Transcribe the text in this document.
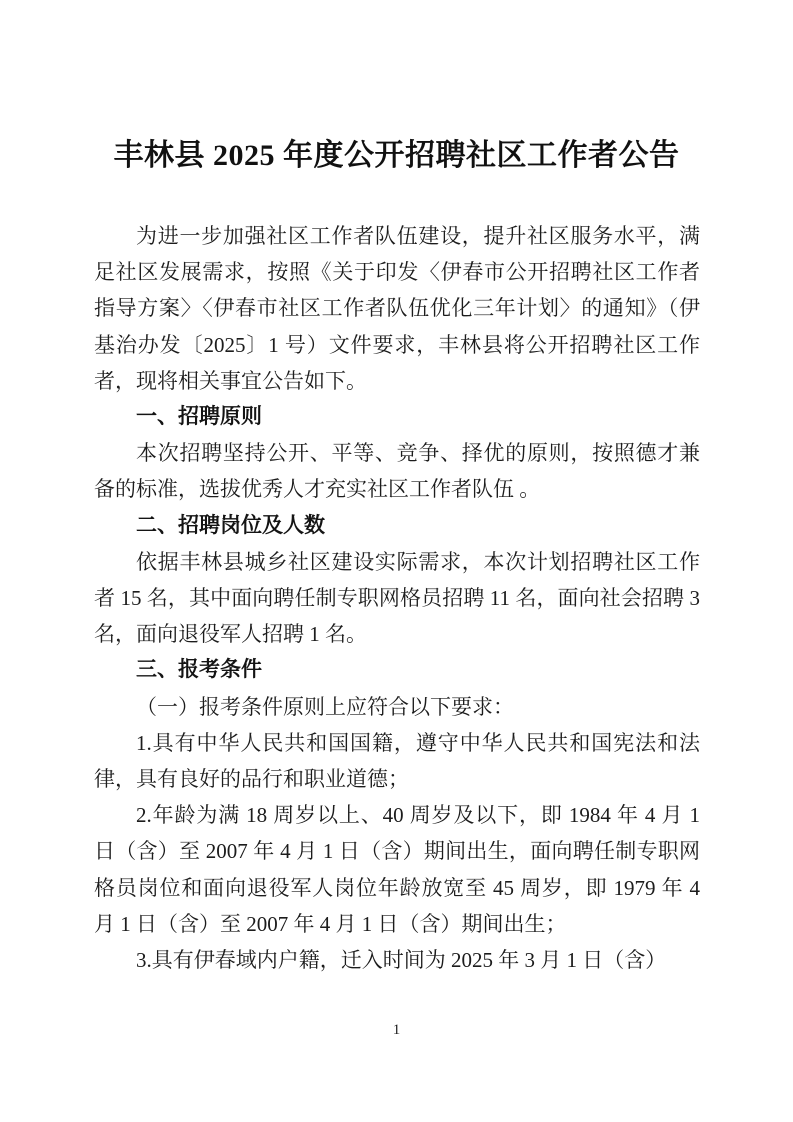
丰林县 2025 年度公开招聘社区工作者公告

为进一步加强社区工作者队伍建设，提升社区服务水平，满足社区发展需求，按照《关于印发〈伊春市公开招聘社区工作者指导方案〉〈伊春市社区工作者队伍优化三年计划〉的通知》（伊基治办发〔2025〕1 号）文件要求，丰林县将公开招聘社区工作者，现将相关事宜公告如下。

一、招聘原则

本次招聘坚持公开、平等、竞争、择优的原则，按照德才兼备的标准，选拔优秀人才充实社区工作者队伍 。

二、招聘岗位及人数

依据丰林县城乡社区建设实际需求，本次计划招聘社区工作者 15 名，其中面向聘任制专职网格员招聘 11 名，面向社会招聘 3 名，面向退役军人招聘 1 名。

三、报考条件

（一）报考条件原则上应符合以下要求：

1.具有中华人民共和国国籍，遵守中华人民共和国宪法和法律，具有良好的品行和职业道德；

2.年龄为满 18 周岁以上、40 周岁及以下，即 1984 年 4 月 1 日（含）至 2007 年 4 月 1 日（含）期间出生，面向聘任制专职网格员岗位和面向退役军人岗位年龄放宽至 45 周岁，即 1979 年 4 月 1 日（含）至 2007 年 4 月 1 日（含）期间出生；

3.具有伊春域内户籍，迁入时间为 2025 年 3 月 1 日（含）

1
